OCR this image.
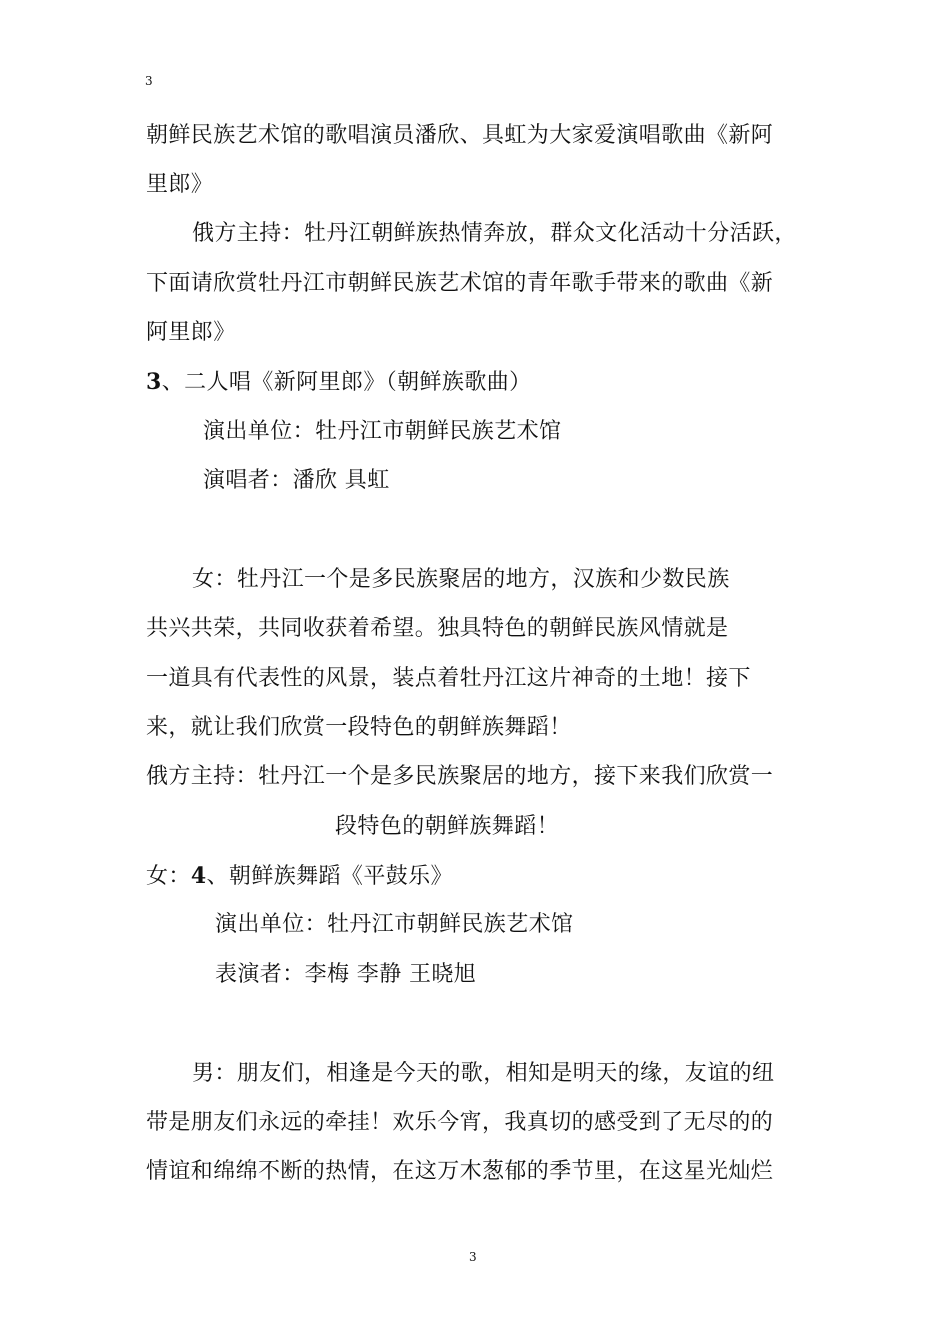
3
朝鲜民族艺术馆的歌唱演员潘欣、具虹为大家爱演唱歌曲《新阿
里郎》
俄方主持：牡丹江朝鲜族热情奔放，群众文化活动十分活跃，
下面请欣赏牡丹江市朝鲜民族艺术馆的青年歌手带来的歌曲《新
阿里郎》
3、二人唱《新阿里郎》（朝鲜族歌曲）
演出单位：牡丹江市朝鲜民族艺术馆
演唱者：潘欣 具虹
女：牡丹江一个是多民族聚居的地方，汉族和少数民族
共兴共荣，共同收获着希望。独具特色的朝鲜民族风情就是
一道具有代表性的风景，装点着牡丹江这片神奇的土地！接下
来，就让我们欣赏一段特色的朝鲜族舞蹈！
俄方主持：牡丹江一个是多民族聚居的地方，接下来我们欣赏一
段特色的朝鲜族舞蹈！
女：4、朝鲜族舞蹈《平鼓乐》
演出单位：牡丹江市朝鲜民族艺术馆
表演者：李梅 李静 王晓旭
男：朋友们，相逢是今天的歌，相知是明天的缘，友谊的纽
带是朋友们永远的牵挂！欢乐今宵，我真切的感受到了无尽的的
情谊和绵绵不断的热情，在这万木葱郁的季节里，在这星光灿烂
3
